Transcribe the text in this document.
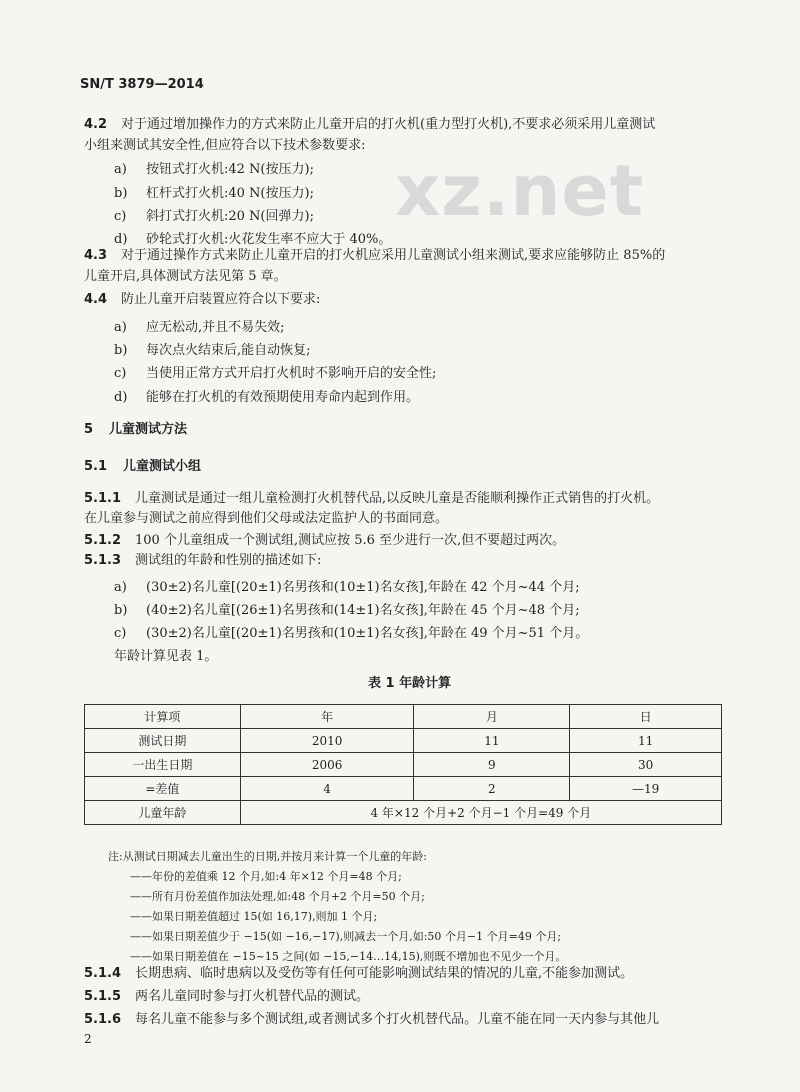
xz.net
SN/T 3879—2014
4.2 对于通过增加操作力的方式来防止儿童开启的打火机(重力型打火机),不要求必须采用儿童测试
小组来测试其安全性,但应符合以下技术参数要求:
a) 按钮式打火机:42 N(按压力);
b) 杠杆式打火机:40 N(按压力);
c) 斜打式打火机:20 N(回弹力);
d) 砂轮式打火机:火花发生率不应大于 40%。
4.3 对于通过操作方式来防止儿童开启的打火机应采用儿童测试小组来测试,要求应能够防止 85%的
儿童开启,具体测试方法见第 5 章。
4.4 防止儿童开启装置应符合以下要求:
a) 应无松动,并且不易失效;
b) 每次点火结束后,能自动恢复;
c) 当使用正常方式开启打火机时不影响开启的安全性;
d) 能够在打火机的有效预期使用寿命内起到作用。
5 儿童测试方法
5.1 儿童测试小组
5.1.1 儿童测试是通过一组儿童检测打火机替代品,以反映儿童是否能顺利操作正式销售的打火机。
在儿童参与测试之前应得到他们父母或法定监护人的书面同意。
5.1.2 100 个儿童组成一个测试组,测试应按 5.6 至少进行一次,但不要超过两次。
5.1.3 测试组的年龄和性别的描述如下:
a) (30±2)名儿童[(20±1)名男孩和(10±1)名女孩],年龄在 42 个月~44 个月;
b) (40±2)名儿童[(26±1)名男孩和(14±1)名女孩],年龄在 45 个月~48 个月;
c) (30±2)名儿童[(20±1)名男孩和(10±1)名女孩],年龄在 49 个月~51 个月。
年龄计算见表 1。
表 1 年龄计算
计算项	年	月	日
测试日期	2010	11	11
一出生日期	2006	9	30
=差值	4	2	—19
儿童年龄	4 年×12 个月+2 个月−1 个月=49 个月		
注:从测试日期减去儿童出生的日期,并按月来计算一个儿童的年龄:
——年份的差值乘 12 个月,如:4 年×12 个月=48 个月;
——所有月份差值作加法处理,如:48 个月+2 个月=50 个月;
——如果日期差值超过 15(如 16,17),则加 1 个月;
——如果日期差值少于 −15(如 −16,−17),则减去一个月,如:50 个月−1 个月=49 个月;
——如果日期差值在 −15~15 之间(如 −15,−14…14,15),则既不增加也不见少一个月。
5.1.4 长期患病、临时患病以及受伤等有任何可能影响测试结果的情况的儿童,不能参加测试。
5.1.5 两名儿童同时参与打火机替代品的测试。
5.1.6 每名儿童不能参与多个测试组,或者测试多个打火机替代品。儿童不能在同一天内参与其他儿
2
